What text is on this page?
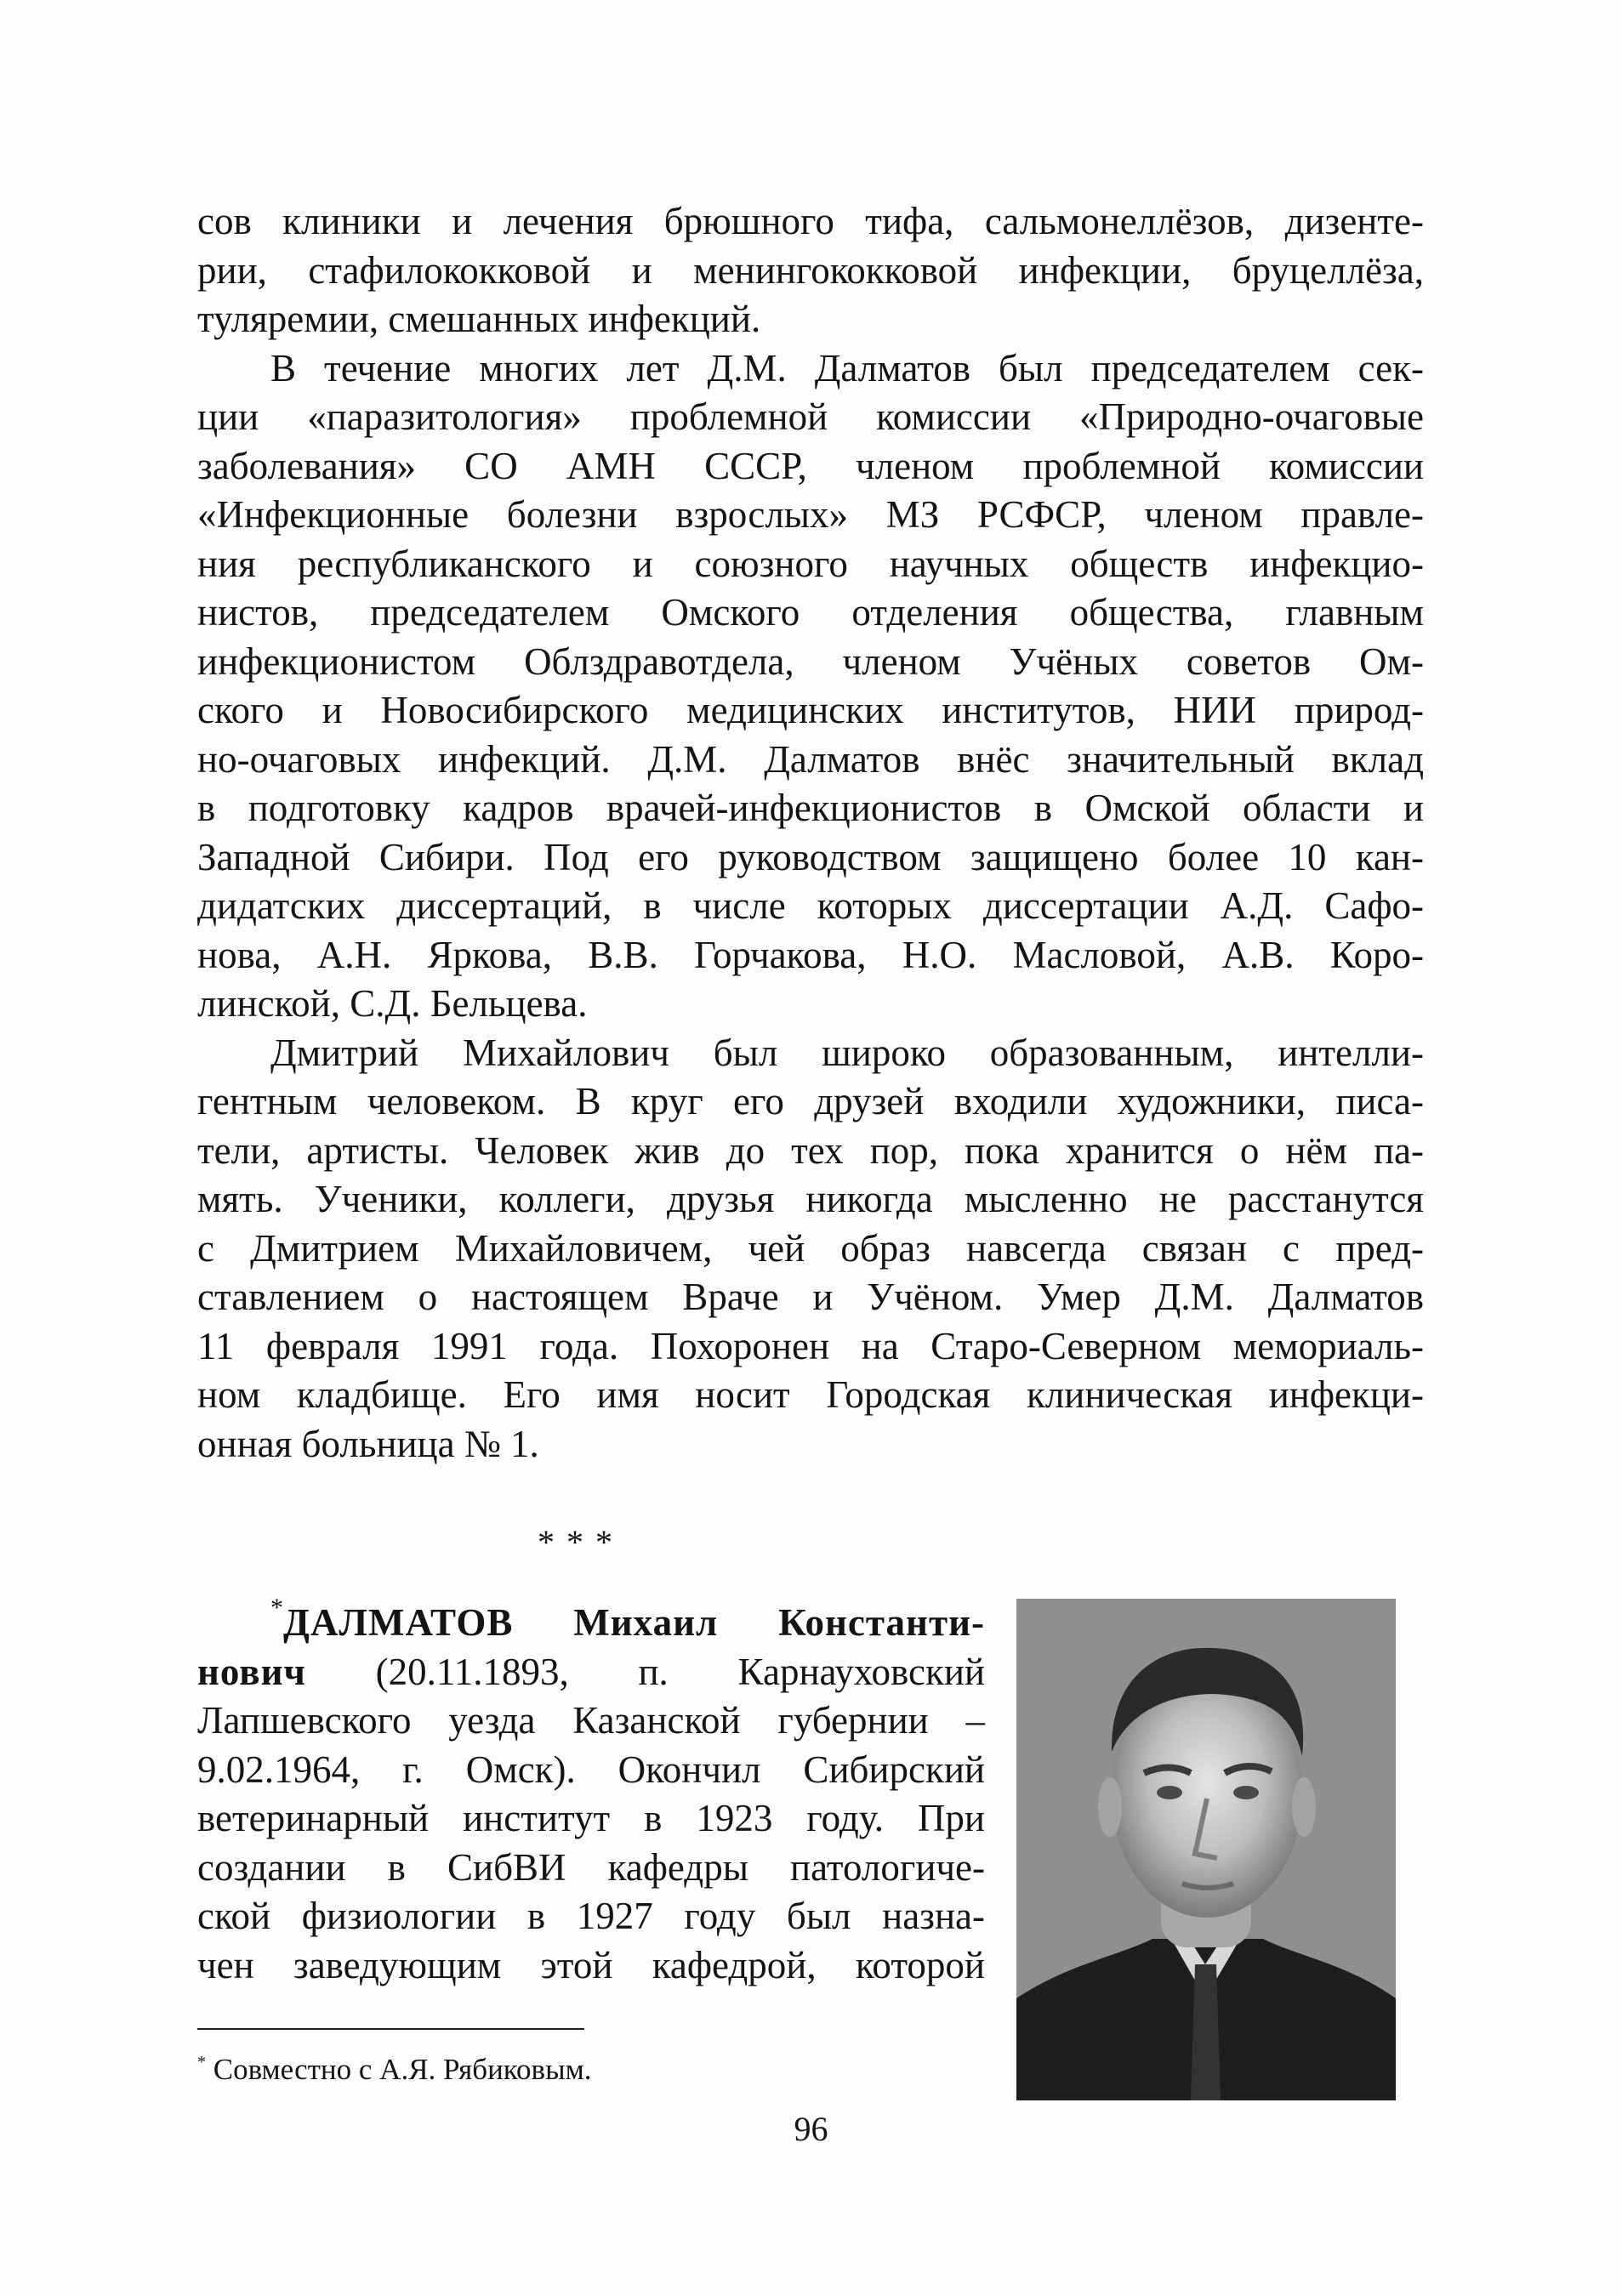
сов клиники и лечения брюшного тифа, сальмонеллёзов, дизенте-
рии, стафилококковой и менингококковой инфекции, бруцеллёза,
туляремии, смешанных инфекций.
В течение многих лет Д.М. Далматов был председателем сек-
ции «паразитология» проблемной комиссии «Природно-очаговые
заболевания» СО АМН СССР, членом проблемной комиссии
«Инфекционные болезни взрослых» МЗ РСФСР, членом правле-
ния республиканского и союзного научных обществ инфекцио-
нистов, председателем Омского отделения общества, главным
инфекционистом Облздравотдела, членом Учёных советов Ом-
ского и Новосибирского медицинских институтов, НИИ природ-
но-очаговых инфекций. Д.М. Далматов внёс значительный вклад
в подготовку кадров врачей-инфекционистов в Омской области и
Западной Сибири. Под его руководством защищено более 10 кан-
дидатских диссертаций, в числе которых диссертации А.Д. Сафо-
нова, А.Н. Яркова, В.В. Горчакова, Н.О. Масловой, А.В. Коро-
линской, С.Д. Бельцева.
Дмитрий Михайлович был широко образованным, интелли-
гентным человеком. В круг его друзей входили художники, писа-
тели, артисты. Человек жив до тех пор, пока хранится о нём па-
мять. Ученики, коллеги, друзья никогда мысленно не расстанутся
с Дмитрием Михайловичем, чей образ навсегда связан с пред-
ставлением о настоящем Враче и Учёном. Умер Д.М. Далматов
11 февраля 1991 года. Похоронен на Старо-Северном мемориаль-
ном кладбище. Его имя носит Городская клиническая инфекци-
онная больница № 1.
***
*ДАЛМАТОВ Михаил Константи-
нович (20.11.1893, п. Карнауховский
Лапшевского уезда Казанской губернии –
9.02.1964, г. Омск). Окончил Сибирский
ветеринарный институт в 1923 году. При
создании в СибВИ кафедры патологиче-
ской физиологии в 1927 году был назна-
чен заведующим этой кафедрой, которой
* Совместно с А.Я. Рябиковым.
96
